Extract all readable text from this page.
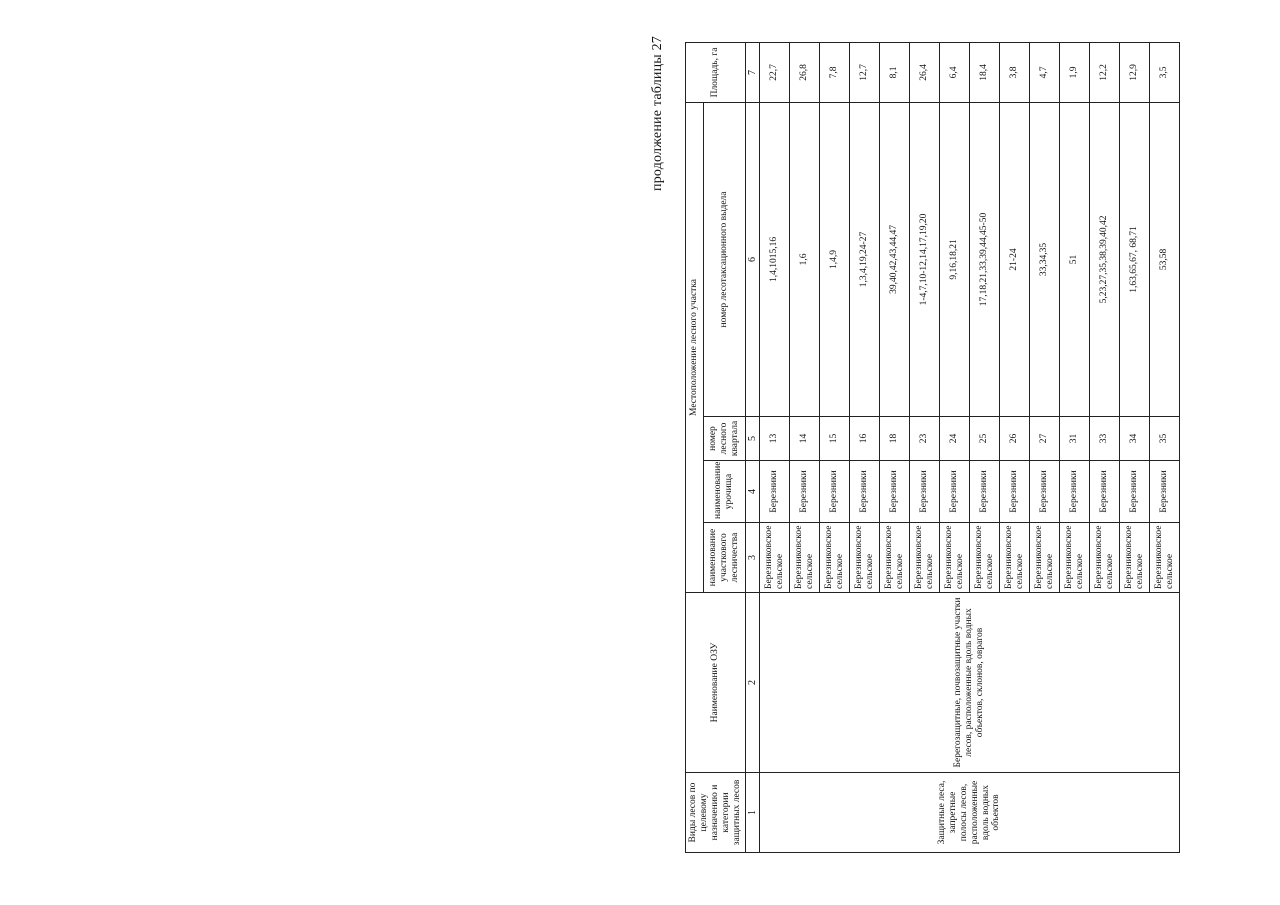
продолжение таблицы 27
Виды лесов по целевому назначению и категории защитных лесов	Наименование ОЗУ	Местоположение лесного участка				Площадь, га
		наименование участкового лесничества	наименование урочища	номер лесного квартала	номер лесотаксационного выдела	
1	2	3	4	5	6	7
Защитные леса, запретные полосы лесов, расположенные вдоль водных объектов	Берегозащитные, почвозащитные участки лесов, расположенные вдоль водных объектов, склонов, оврагов	Березниковское сельское	Березники	13	1,4,1015,16	22,7
		Березниковское сельское	Березники	14	1,6	26,8
		Березниковское сельское	Березники	15	1,4,9	7,8
		Березниковское сельское	Березники	16	1,3,4,19,24-27	12,7
		Березниковское сельское	Березники	18	39,40,42,43,44,47	8,1
		Березниковское сельское	Березники	23	1-4,7,10-12,14,17,19,20	26,4
		Березниковское сельское	Березники	24	9,16,18,21	6,4
		Березниковское сельское	Березники	25	17,18,21,33,39,44,45-50	18,4
		Березниковское сельское	Березники	26	21-24	3,8
		Березниковское сельское	Березники	27	33,34,35	4,7
		Березниковское сельское	Березники	31	51	1,9
		Березниковское сельское	Березники	33	5,23,27,35,38,39,40,42	12,2
		Березниковское сельское	Березники	34	1,63,65,67, 68,71	12,9
		Березниковское сельское	Березники	35	53,58	3,5
